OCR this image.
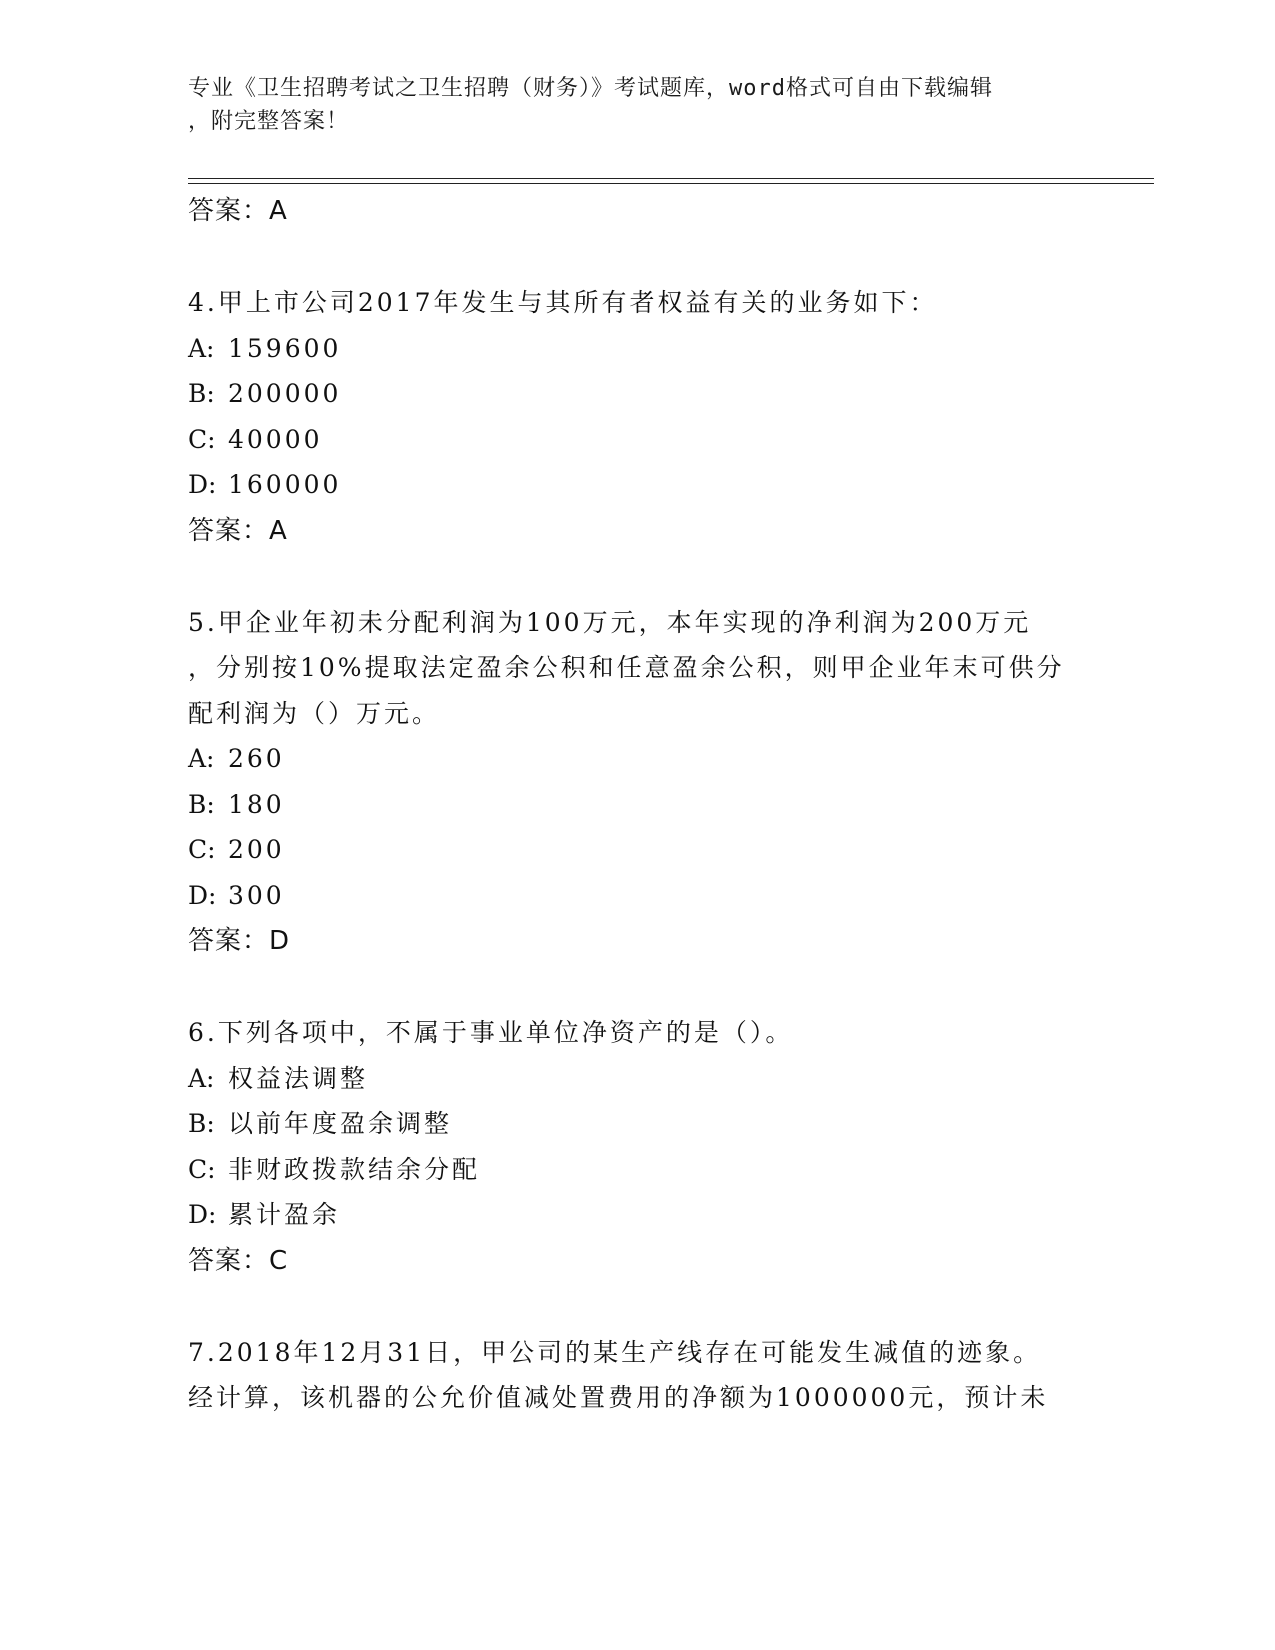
专业《卫生招聘考试之卫生招聘（财务）》考试题库，word格式可自由下载编辑
，附完整答案！
答案：A
4.甲上市公司2017年发生与其所有者权益有关的业务如下：
A: 159600
B: 200000
C: 40000
D: 160000
答案：A
5.甲企业年初未分配利润为100万元，本年实现的净利润为200万元
，分别按10%提取法定盈余公积和任意盈余公积，则甲企业年末可供分
配利润为（）万元。
A: 260
B: 180
C: 200
D: 300
答案：D
6.下列各项中，不属于事业单位净资产的是（）。
A: 权益法调整
B: 以前年度盈余调整
C: 非财政拨款结余分配
D: 累计盈余
答案：C
7.2018年12月31日，甲公司的某生产线存在可能发生减值的迹象。
经计算，该机器的公允价值减处置费用的净额为1000000元，预计未
